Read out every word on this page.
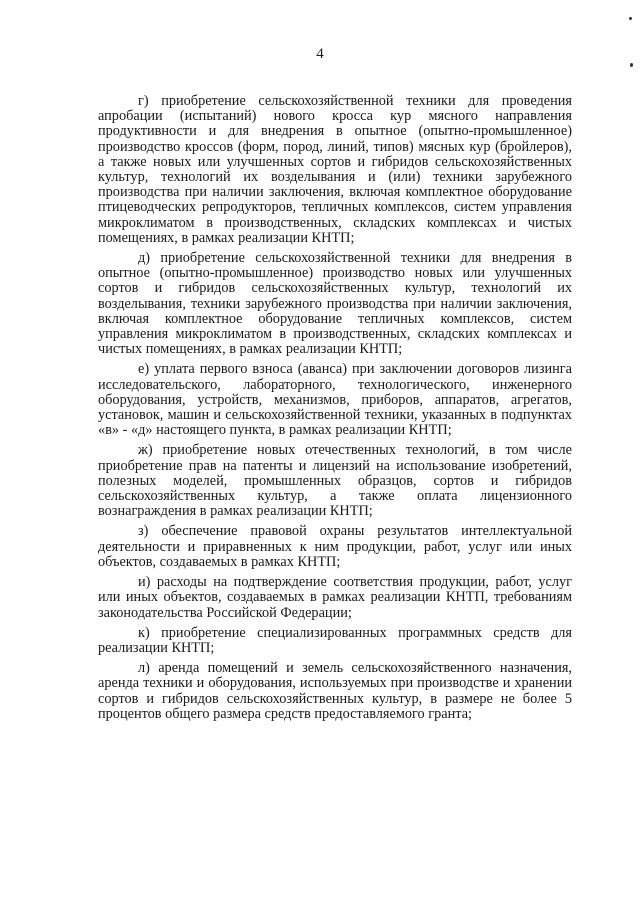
4

г) приобретение сельскохозяйственной техники для проведения апробации (испытаний) нового кросса кур мясного направления продуктивности и для внедрения в опытное (опытно-промышленное) производство кроссов (форм, пород, линий, типов) мясных кур (бройлеров), а также новых или улучшенных сортов и гибридов сельскохозяйственных культур, технологий их возделывания и (или) техники зарубежного производства при наличии заключения, включая комплектное оборудование птицеводческих репродукторов, тепличных комплексов, систем управления микроклиматом в производственных, складских комплексах и чистых помещениях, в рамках реализации КНТП;

д) приобретение сельскохозяйственной техники для внедрения в опытное (опытно-промышленное) производство новых или улучшенных сортов и гибридов сельскохозяйственных культур, технологий их возделывания, техники зарубежного производства при наличии заключения, включая комплектное оборудование тепличных комплексов, систем управления микроклиматом в производственных, складских комплексах и чистых помещениях, в рамках реализации КНТП;

е) уплата первого взноса (аванса) при заключении договоров лизинга исследовательского, лабораторного, технологического, инженерного оборудования, устройств, механизмов, приборов, аппаратов, агрегатов, установок, машин и сельскохозяйственной техники, указанных в подпунктах «в» - «д» настоящего пункта, в рамках реализации КНТП;

ж) приобретение новых отечественных технологий, в том числе приобретение прав на патенты и лицензий на использование изобретений, полезных моделей, промышленных образцов, сортов и гибридов сельскохозяйственных культур, а также оплата лицензионного вознаграждения в рамках реализации КНТП;

з) обеспечение правовой охраны результатов интеллектуальной деятельности и приравненных к ним продукции, работ, услуг или иных объектов, создаваемых в рамках КНТП;

и) расходы на подтверждение соответствия продукции, работ, услуг или иных объектов, создаваемых в рамках реализации КНТП, требованиям законодательства Российской Федерации;

к) приобретение специализированных программных средств для реализации КНТП;

л) аренда помещений и земель сельскохозяйственного назначения, аренда техники и оборудования, используемых при производстве и хранении сортов и гибридов сельскохозяйственных культур, в размере не более 5 процентов общего размера средств предоставляемого гранта;
